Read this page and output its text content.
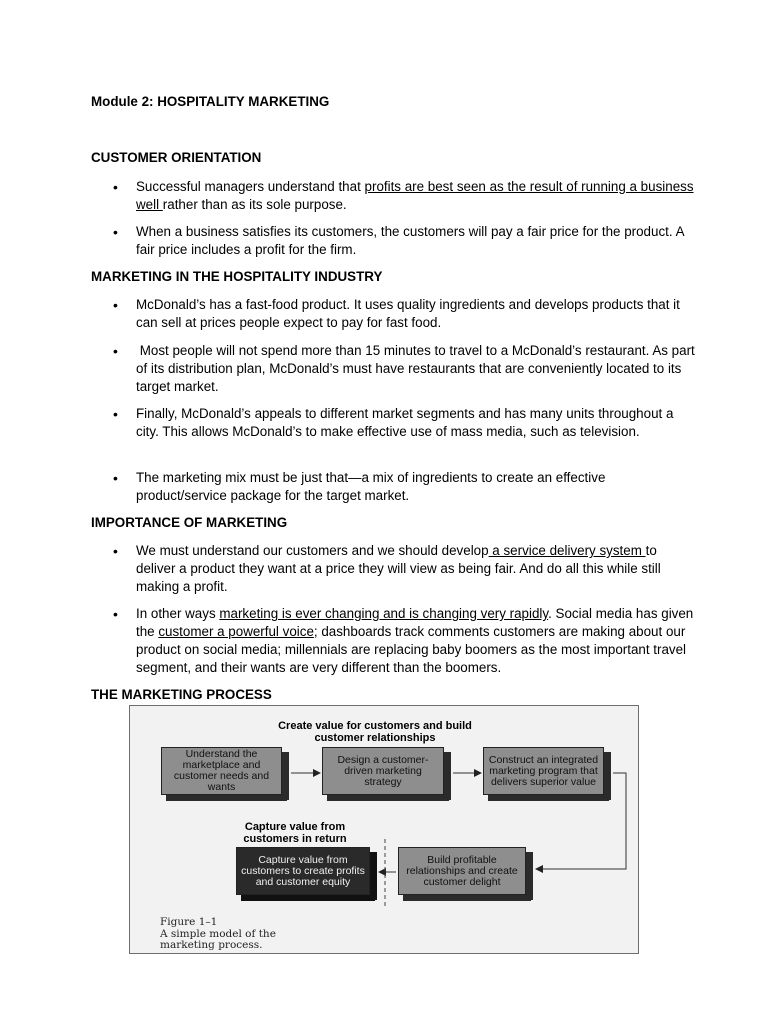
Module 2: HOSPITALITY MARKETING

CUSTOMER ORIENTATION

• Successful managers understand that profits are best seen as the result of running a business well rather than as its sole purpose.

• When a business satisfies its customers, the customers will pay a fair price for the product. A fair price includes a profit for the firm.

MARKETING IN THE HOSPITALITY INDUSTRY

• McDonald’s has a fast-food product. It uses quality ingredients and develops products that it can sell at prices people expect to pay for fast food.

• Most people will not spend more than 15 minutes to travel to a McDonald’s restaurant. As part of its distribution plan, McDonald’s must have restaurants that are conveniently located to its target market.

• Finally, McDonald’s appeals to different market segments and has many units throughout a city. This allows McDonald’s to make effective use of mass media, such as television.

• The marketing mix must be just that—a mix of ingredients to create an effective product/service package for the target market.

IMPORTANCE OF MARKETING

• We must understand our customers and we should develop a service delivery system to deliver a product they want at a price they will view as being fair. And do all this while still making a profit.

• In other ways marketing is ever changing and is changing very rapidly. Social media has given the customer a powerful voice; dashboards track comments customers are making about our product on social media; millennials are replacing baby boomers as the most important travel segment, and their wants are very different than the boomers.

THE MARKETING PROCESS

Create value for customers and build customer relationships

Understand the marketplace and customer needs and wants
Design a customer-driven marketing strategy
Construct an integrated marketing program that delivers superior value

Capture value from customers in return

Capture value from customers to create profits and customer equity
Build profitable relationships and create customer delight

Figure 1–1

A simple model of the marketing process.
